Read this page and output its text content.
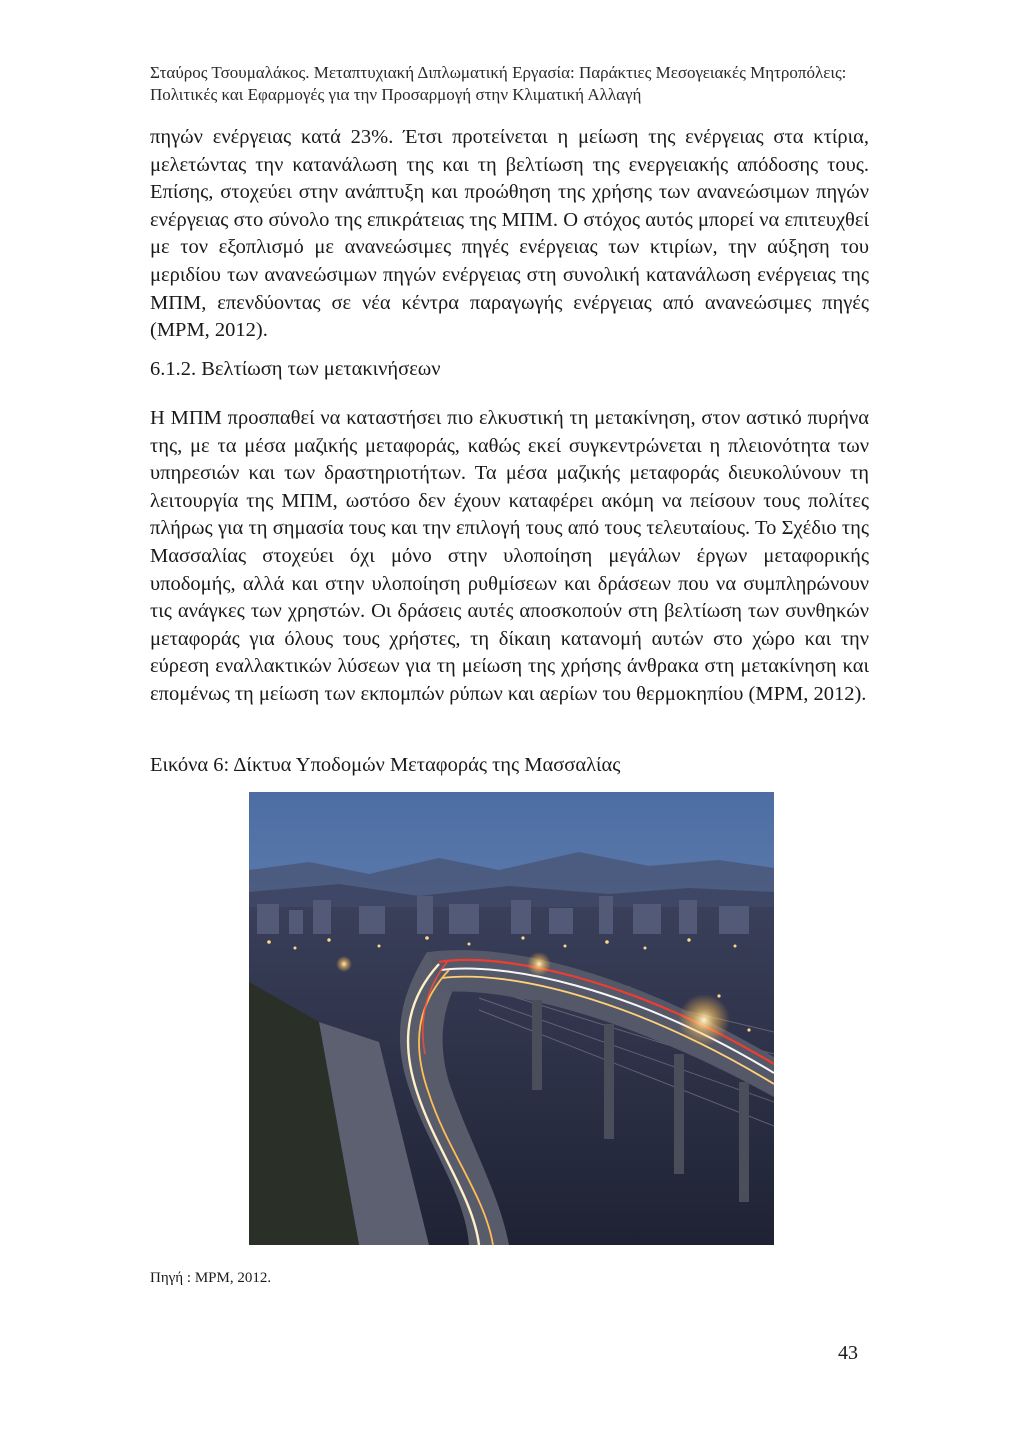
Σταύρος Τσουμαλάκος. Μεταπτυχιακή Διπλωματική Εργασία: Παράκτιες Μεσογειακές Μητροπόλεις:
Πολιτικές και Εφαρμογές για την Προσαρμογή στην Κλιματική Αλλαγή

πηγών ενέργειας κατά 23%. Έτσι προτείνεται η μείωση της ενέργειας στα κτίρια, μελετώντας την κατανάλωση της και τη βελτίωση της ενεργειακής απόδοσης τους. Επίσης, στοχεύει στην ανάπτυξη και προώθηση της χρήσης των ανανεώσιμων πηγών ενέργειας στο σύνολο της επικράτειας της ΜΠΜ. Ο στόχος αυτός μπορεί να επιτευχθεί με τον εξοπλισμό με ανανεώσιμες πηγές ενέργειας των κτιρίων, την αύξηση του μεριδίου των ανανεώσιμων πηγών ενέργειας στη συνολική κατανάλωση ενέργειας της ΜΠΜ, επενδύοντας σε νέα κέντρα παραγωγής ενέργειας από ανανεώσιμες πηγές (MPM, 2012).

6.1.2. Βελτίωση των μετακινήσεων

Η ΜΠΜ προσπαθεί να καταστήσει πιο ελκυστική τη μετακίνηση, στον αστικό πυρήνα της, με τα μέσα μαζικής μεταφοράς, καθώς εκεί συγκεντρώνεται η πλειονότητα των υπηρεσιών και των δραστηριοτήτων. Τα μέσα μαζικής μεταφοράς διευκολύνουν τη λειτουργία της ΜΠΜ, ωστόσο δεν έχουν καταφέρει ακόμη να πείσουν τους πολίτες πλήρως για τη σημασία τους και την επιλογή τους από τους τελευταίους. Το Σχέδιο της Μασσαλίας στοχεύει όχι μόνο στην υλοποίηση μεγάλων έργων μεταφορικής υποδομής, αλλά και στην υλοποίηση ρυθμίσεων και δράσεων που να συμπληρώνουν τις ανάγκες των χρηστών. Οι δράσεις αυτές αποσκοπούν στη βελτίωση των συνθηκών μεταφοράς για όλους τους χρήστες, τη δίκαιη κατανομή αυτών στο χώρο και την εύρεση εναλλακτικών λύσεων για τη μείωση της χρήσης άνθρακα στη μετακίνηση και επομένως τη μείωση των εκπομπών ρύπων και αερίων του θερμοκηπίου (MPM, 2012).

Εικόνα 6: Δίκτυα Υποδομών Μεταφοράς της Μασσαλίας
Πηγή : MPM, 2012.
43
